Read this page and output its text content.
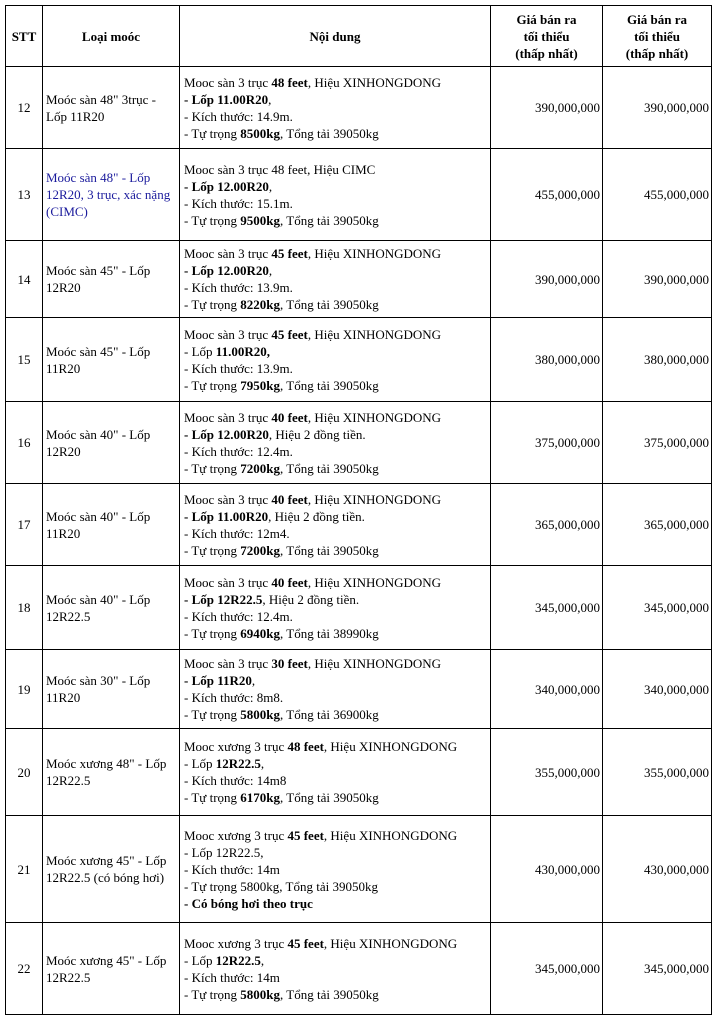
STT	Loại moóc	Nội dung	Giá bán ra
tối thiểu
(thấp nhất)	Giá bán ra
tối thiểu
(thấp nhất)

12	Moóc sàn 48" 3trục - Lốp 11R20	Mooc sàn 3 trục 48 feet, Hiệu XINHONGDONG
- Lốp 11.00R20,
- Kích thước: 14.9m.
- Tự trọng 8500kg, Tổng tải 39050kg	390,000,000	390,000,000
13	Moóc sàn 48" - Lốp 12R20, 3 trục, xác nặng (CIMC)	Mooc sàn 3 trục 48 feet, Hiệu CIMC
- Lốp 12.00R20,
- Kích thước: 15.1m.
- Tự trọng 9500kg, Tổng tải 39050kg	455,000,000	455,000,000
14	Moóc sàn 45" - Lốp 12R20	Mooc sàn 3 trục 45 feet, Hiệu XINHONGDONG
- Lốp 12.00R20,
- Kích thước: 13.9m.
- Tự trọng 8220kg, Tổng tải 39050kg	390,000,000	390,000,000
15	Moóc sàn 45" - Lốp 11R20	Mooc sàn 3 trục 45 feet, Hiệu XINHONGDONG
- Lốp 11.00R20,
- Kích thước: 13.9m.
- Tự trọng 7950kg, Tổng tải 39050kg	380,000,000	380,000,000
16	Moóc sàn 40" - Lốp 12R20	Mooc sàn 3 trục 40 feet, Hiệu XINHONGDONG
- Lốp 12.00R20, Hiệu 2 đồng tiền.
- Kích thước: 12.4m.
- Tự trọng 7200kg, Tổng tải 39050kg	375,000,000	375,000,000
17	Moóc sàn 40" - Lốp 11R20	Mooc sàn 3 trục 40 feet, Hiệu XINHONGDONG
- Lốp 11.00R20, Hiệu 2 đồng tiền.
- Kích thước: 12m4.
- Tự trọng 7200kg, Tổng tải 39050kg	365,000,000	365,000,000
18	Moóc sàn 40" - Lốp 12R22.5	Mooc sàn 3 trục 40 feet, Hiệu XINHONGDONG
- Lốp 12R22.5, Hiệu 2 đồng tiền.
- Kích thước: 12.4m.
- Tự trọng 6940kg, Tổng tải 38990kg	345,000,000	345,000,000
19	Moóc sàn 30" - Lốp 11R20	Mooc sàn 3 trục 30 feet, Hiệu XINHONGDONG
- Lốp 11R20,
- Kích thước: 8m8.
- Tự trọng 5800kg, Tổng tải 36900kg	340,000,000	340,000,000
20	Moóc xương 48" - Lốp 12R22.5	Mooc xương 3 trục 48 feet, Hiệu XINHONGDONG
- Lốp 12R22.5,
- Kích thước: 14m8
- Tự trọng 6170kg, Tổng tải 39050kg	355,000,000	355,000,000
21	Moóc xương 45" - Lốp 12R22.5 (có bóng hơi)	Mooc xương 3 trục 45 feet, Hiệu XINHONGDONG
- Lốp 12R22.5,
- Kích thước: 14m
- Tự trọng 5800kg, Tổng tải 39050kg
- Có bóng hơi theo trục	430,000,000	430,000,000
22	Moóc xương 45" - Lốp 12R22.5	Mooc xương 3 trục 45 feet, Hiệu XINHONGDONG
- Lốp 12R22.5,
- Kích thước: 14m
- Tự trọng 5800kg, Tổng tải 39050kg	345,000,000	345,000,000
